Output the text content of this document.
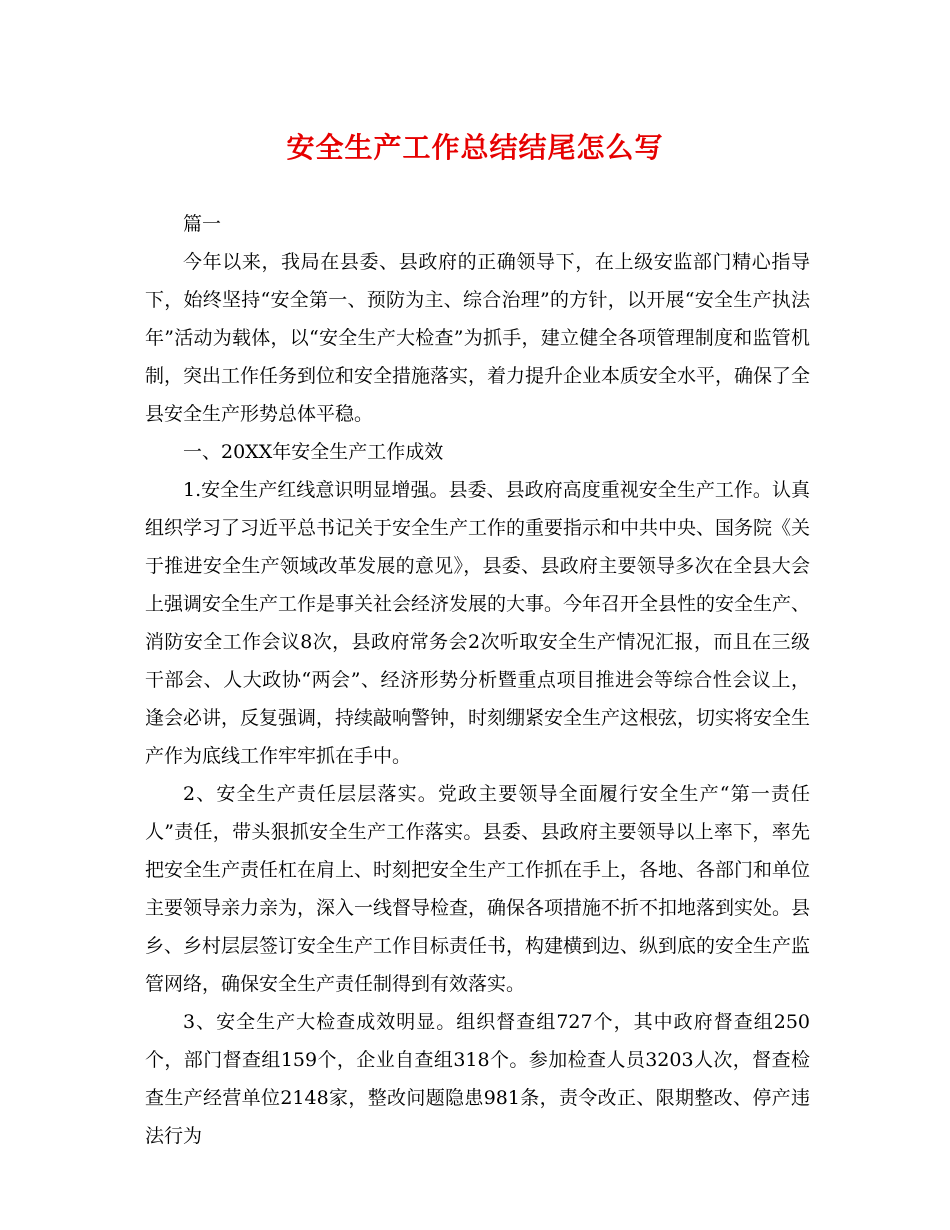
安全生产工作总结结尾怎么写

篇一

今年以来，我局在县委、县政府的正确领导下，在上级安监部门精心指导下，始终坚持“安全第一、预防为主、综合治理”的方针，以开展“安全生产执法年”活动为载体，以“安全生产大检查”为抓手，建立健全各项管理制度和监管机制，突出工作任务到位和安全措施落实，着力提升企业本质安全水平，确保了全县安全生产形势总体平稳。

一、20XX年安全生产工作成效

1.安全生产红线意识明显增强。县委、县政府高度重视安全生产工作。认真组织学习了习近平总书记关于安全生产工作的重要指示和中共中央、国务院《关于推进安全生产领域改革发展的意见》，县委、县政府主要领导多次在全县大会上强调安全生产工作是事关社会经济发展的大事。今年召开全县性的安全生产、消防安全工作会议8次，县政府常务会2次听取安全生产情况汇报，而且在三级干部会、人大政协“两会”、经济形势分析暨重点项目推进会等综合性会议上，逢会必讲，反复强调，持续敲响警钟，时刻绷紧安全生产这根弦，切实将安全生产作为底线工作牢牢抓在手中。

2、安全生产责任层层落实。党政主要领导全面履行安全生产“第一责任人”责任，带头狠抓安全生产工作落实。县委、县政府主要领导以上率下，率先把安全生产责任杠在肩上、时刻把安全生产工作抓在手上，各地、各部门和单位主要领导亲力亲为，深入一线督导检查，确保各项措施不折不扣地落到实处。县乡、乡村层层签订安全生产工作目标责任书，构建横到边、纵到底的安全生产监管网络，确保安全生产责任制得到有效落实。

3、安全生产大检查成效明显。组织督查组727个，其中政府督查组250个，部门督查组159个，企业自查组318个。参加检查人员3203人次，督查检查生产经营单位2148家，整改问题隐患981条，责令改正、限期整改、停产违法行为
